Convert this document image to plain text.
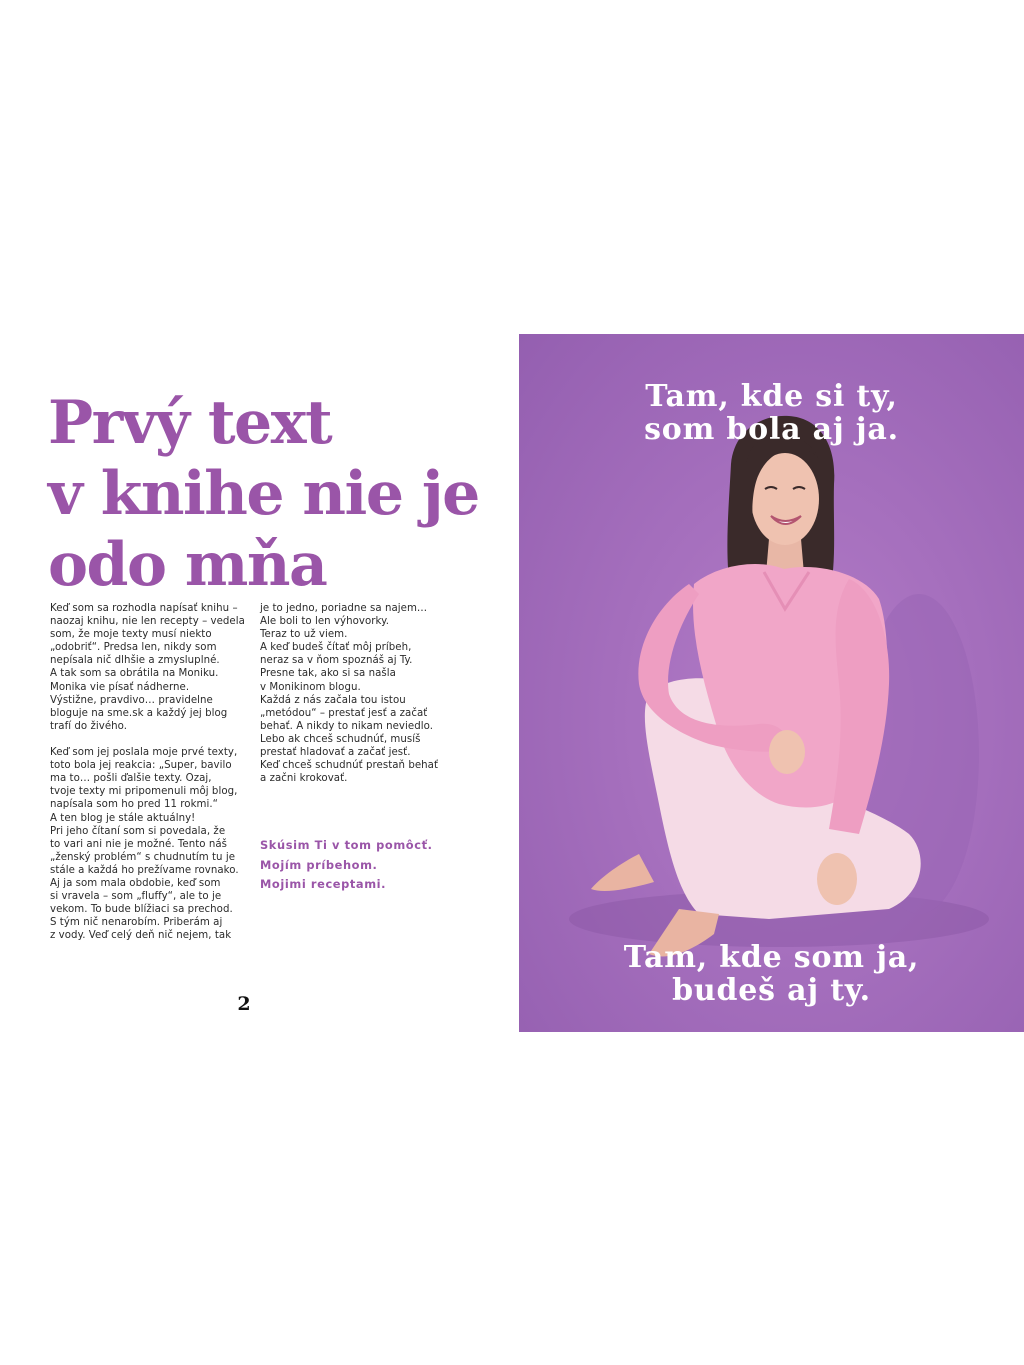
Prvý text
v knihe nie je
odo mňa

Keď som sa rozhodla napísať knihu –
naozaj knihu, nie len recepty – vedela
som, že moje texty musí niekto
„odobriť“. Predsa len, nikdy som
nepísala nič dlhšie a zmysluplné.
A tak som sa obrátila na Moniku.
Monika vie písať nádherne.
Výstižne, pravdivo… pravidelne
bloguje na sme.sk a každý jej blog
trafí do živého.

Keď som jej poslala moje prvé texty,
toto bola jej reakcia: „Super, bavilo
ma to… pošli ďalšie texty. Ozaj,
tvoje texty mi pripomenuli môj blog,
napísala som ho pred 11 rokmi.“
A ten blog je stále aktuálny!
Pri jeho čítaní som si povedala, že
to vari ani nie je možné. Tento náš
„ženský problém“ s chudnutím tu je
stále a každá ho prežívame rovnako.
Aj ja som mala obdobie, keď som
si vravela – som „fluffy“, ale to je
vekom. To bude blížiaci sa prechod.
S tým nič nenarobím. Priberám aj
z vody. Veď celý deň nič nejem, tak

je to jedno, poriadne sa najem…
Ale boli to len výhovorky.
Teraz to už viem.
A keď budeš čítať môj príbeh,
neraz sa v ňom spoznáš aj Ty.
Presne tak, ako si sa našla
v Monikinom blogu.
Každá z nás začala tou istou
„metódou“ – prestať jesť a začať
behať. A nikdy to nikam neviedlo.
Lebo ak chceš schudnúť, musíš
prestať hladovať a začať jesť.
Keď chceš schudnúť prestaň behať
a začni krokovať.

Skúsim Ti v tom pomôcť.
Mojím príbehom.
Mojimi receptami.
2

Tam, kde si ty,
som bola aj ja.

Tam, kde som ja,
budeš aj ty.
